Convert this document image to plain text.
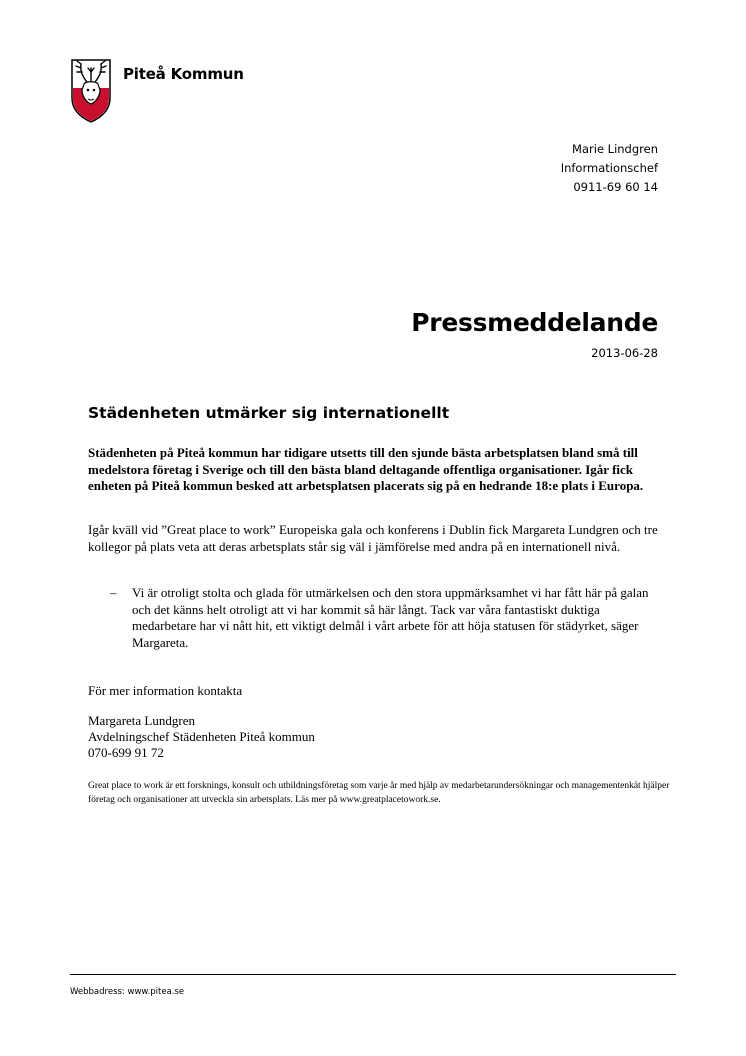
Piteå Kommun
Marie Lindgren
Informationschef
0911-69 60 14
Pressmeddelande
2013-06-28
Städenheten utmärker sig internationellt
Städenheten på Piteå kommun har tidigare utsetts till den sjunde bästa arbetsplatsen bland små till medelstora företag i Sverige och till den bästa bland deltagande offentliga organisationer. Igår fick enheten på Piteå kommun besked att arbetsplatsen placerats sig på en hedrande 18:e plats i Europa.
Igår kväll vid ”Great place to work” Europeiska gala och konferens i Dublin fick Margareta Lundgren och tre kollegor på plats veta att deras arbetsplats står sig väl i jämförelse med andra på en internationell nivå.
– Vi är otroligt stolta och glada för utmärkelsen och den stora uppmärksamhet vi har fått här på galan och det känns helt otroligt att vi har kommit så här långt. Tack var våra fantastiskt duktiga medarbetare har vi nått hit, ett viktigt delmål i vårt arbete för att höja statusen för städyrket, säger Margareta.
För mer information kontakta
Margareta Lundgren
Avdelningschef Städenheten Piteå kommun
070-699 91 72
Great place to work är ett forsknings, konsult och utbildningsföretag som varje år med hjälp av medarbetarundersökningar och managementenkät hjälper företag och organisationer att utveckla sin arbetsplats. Läs mer på www.greatplacetowork.se.
Webbadress: www.pitea.se
